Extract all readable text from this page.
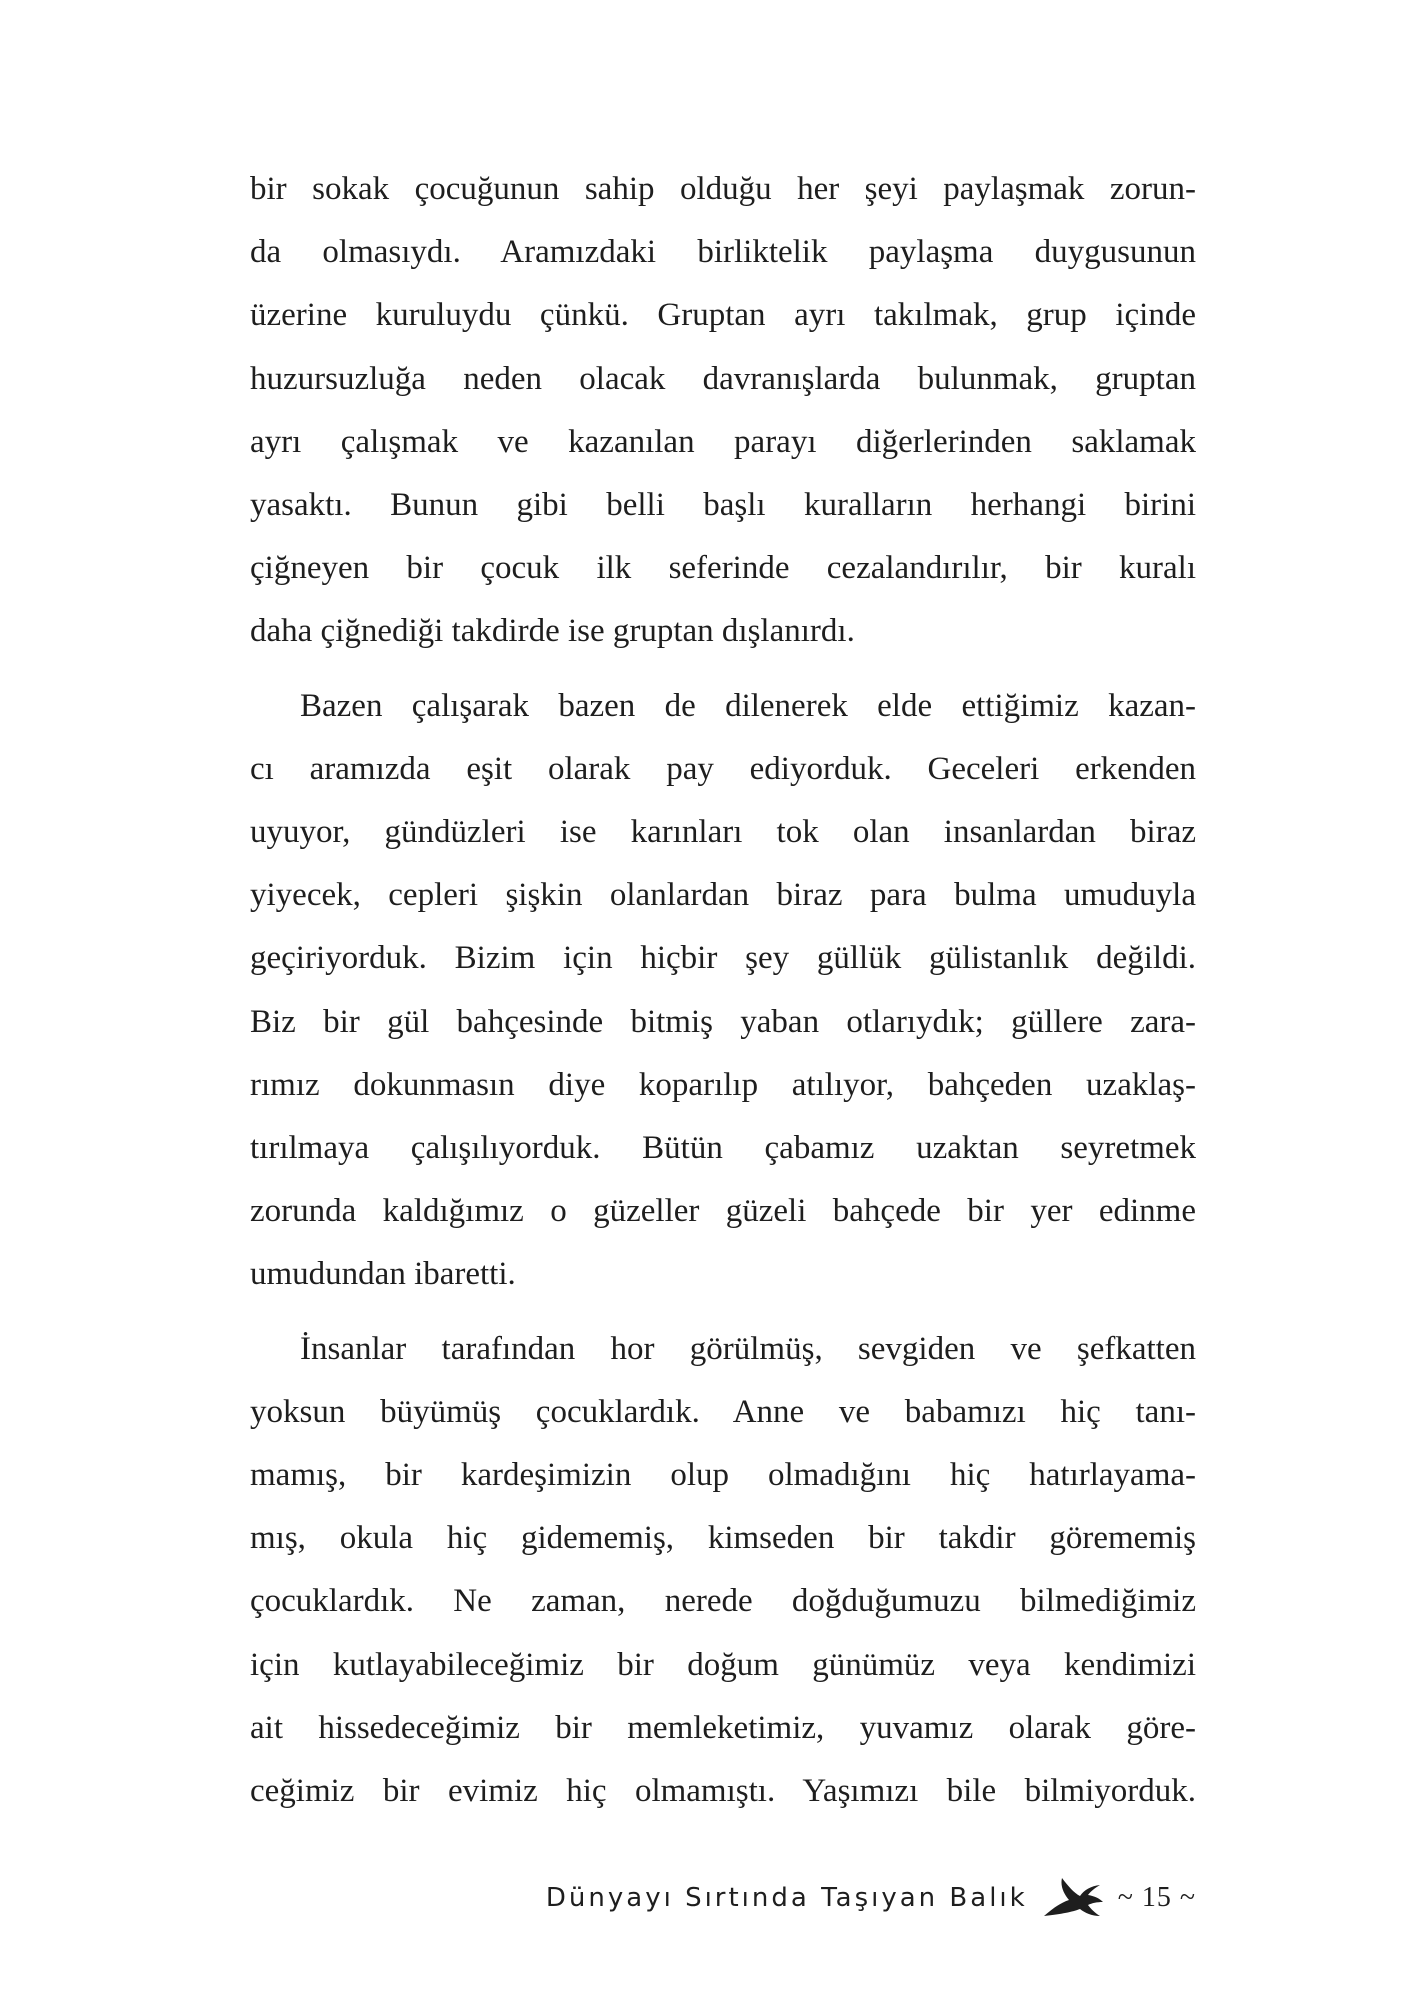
bir sokak çocuğunun sahip olduğu her şeyi paylaşmak zorun-
da olmasıydı. Aramızdaki birliktelik paylaşma duygusunun
üzerine kuruluydu çünkü. Gruptan ayrı takılmak, grup içinde
huzursuzluğa neden olacak davranışlarda bulunmak, gruptan
ayrı çalışmak ve kazanılan parayı diğerlerinden saklamak
yasaktı. Bunun gibi belli başlı kuralların herhangi birini
çiğneyen bir çocuk ilk seferinde cezalandırılır, bir kuralı
daha çiğnediği takdirde ise gruptan dışlanırdı.

Bazen çalışarak bazen de dilenerek elde ettiğimiz kazan-
cı aramızda eşit olarak pay ediyorduk. Geceleri erkenden
uyuyor, gündüzleri ise karınları tok olan insanlardan biraz
yiyecek, cepleri şişkin olanlardan biraz para bulma umuduyla
geçiriyorduk. Bizim için hiçbir şey güllük gülistanlık değildi.
Biz bir gül bahçesinde bitmiş yaban otlarıydık; güllere zara-
rımız dokunmasın diye koparılıp atılıyor, bahçeden uzaklaş-
tırılmaya çalışılıyorduk. Bütün çabamız uzaktan seyretmek
zorunda kaldığımız o güzeller güzeli bahçede bir yer edinme
umudundan ibaretti.

İnsanlar tarafından hor görülmüş, sevgiden ve şefkatten
yoksun büyümüş çocuklardık. Anne ve babamızı hiç tanı-
mamış, bir kardeşimizin olup olmadığını hiç hatırlayama-
mış, okula hiç gidememiş, kimseden bir takdir görememiş
çocuklardık. Ne zaman, nerede doğduğumuzu bilmediğimiz
için kutlayabileceğimiz bir doğum günümüz veya kendimizi
ait hissedeceğimiz bir memleketimiz, yuvamız olarak göre-
ceğimiz bir evimiz hiç olmamıştı. Yaşımızı bile bilmiyorduk.

Dünyayı Sırtında Taşıyan Balık	~ 15 ~
